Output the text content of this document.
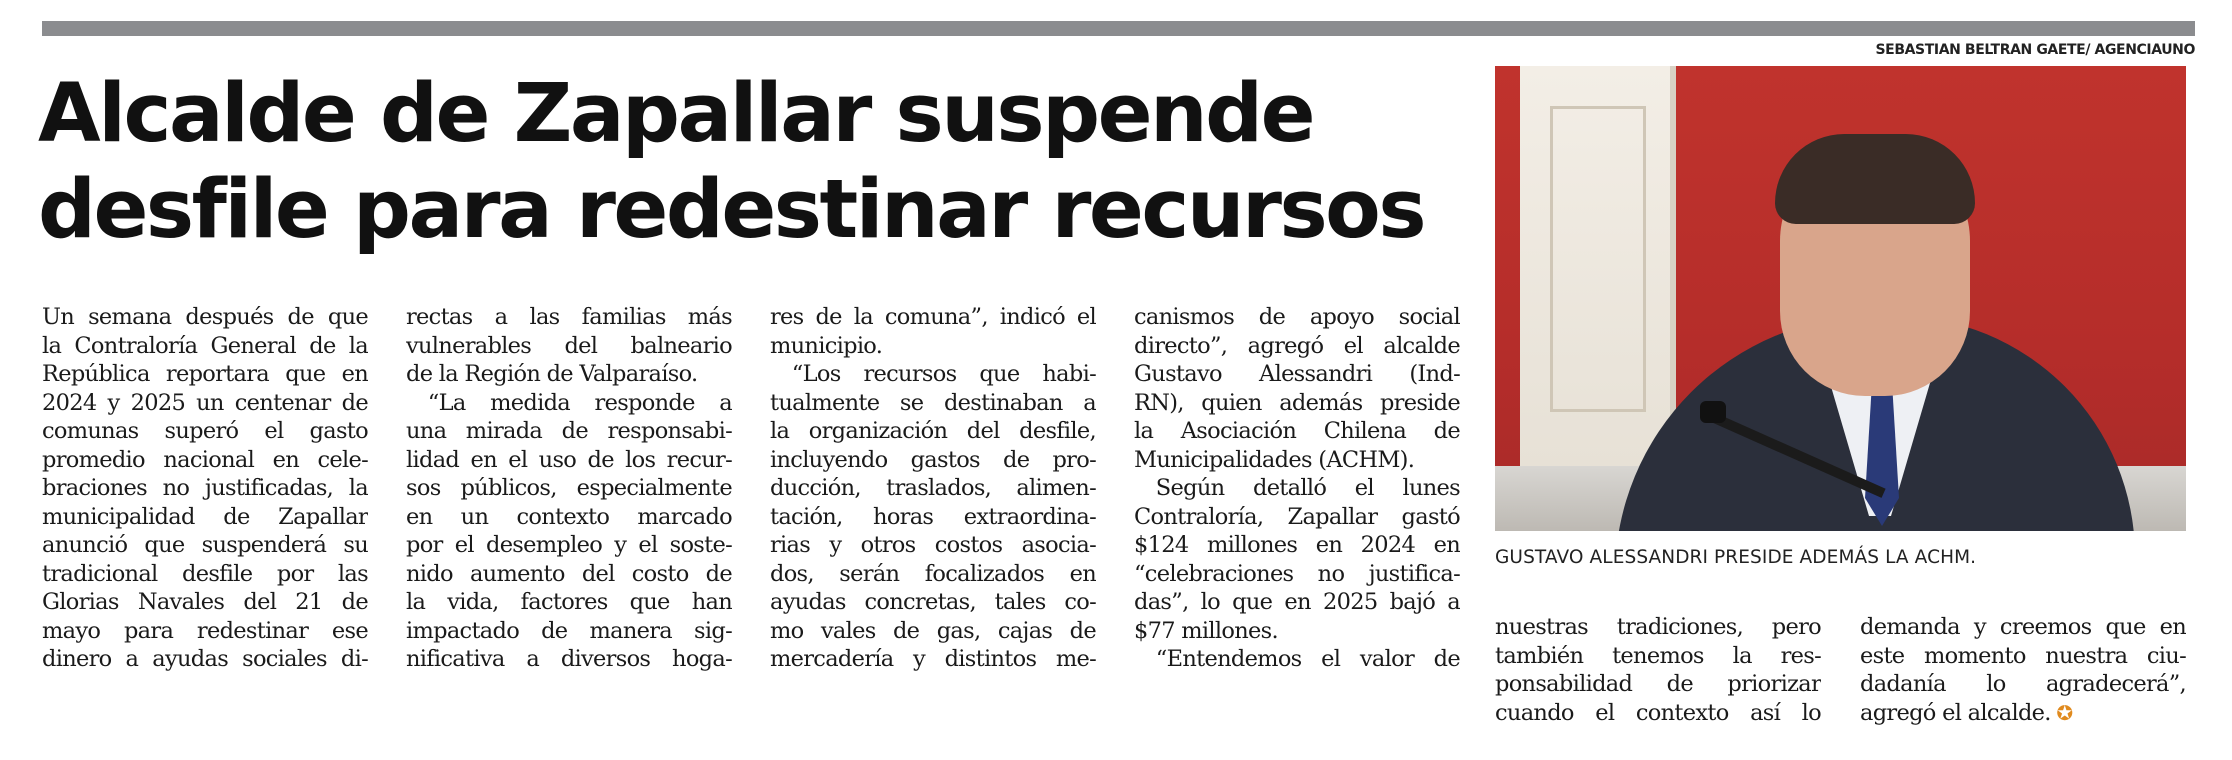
SEBASTIAN BELTRAN GAETE/ AGENCIAUNO
Alcalde de Zapallar suspende
desfile para redestinar recursos
GUSTAVO ALESSANDRI PRESIDE ADEMÁS LA ACHM.
Un semana después de que
la Contraloría General de la
República reportara que en
2024 y 2025 un centenar de
comunas superó el gasto
promedio nacional en cele-
braciones no justificadas, la
municipalidad de Zapallar
anunció que suspenderá su
tradicional desfile por las
Glorias Navales del 21 de
mayo para redestinar ese
dinero a ayudas sociales di-
rectas a las familias más
vulnerables del balneario
de la Región de Valparaíso.
 “La medida responde a
una mirada de responsabi-
lidad en el uso de los recur-
sos públicos, especialmente
en un contexto marcado
por el desempleo y el soste-
nido aumento del costo de
la vida, factores que han
impactado de manera sig-
nificativa a diversos hoga-
res de la comuna”, indicó el
municipio.
 “Los recursos que habi-
tualmente se destinaban a
la organización del desfile,
incluyendo gastos de pro-
ducción, traslados, alimen-
tación, horas extraordina-
rias y otros costos asocia-
dos, serán focalizados en
ayudas concretas, tales co-
mo vales de gas, cajas de
mercadería y distintos me-
canismos de apoyo social
directo”, agregó el alcalde
Gustavo Alessandri (Ind-
RN), quien además preside
la Asociación Chilena de
Municipalidades (ACHM).
 Según detalló el lunes
Contraloría, Zapallar gastó
$124 millones en 2024 en
“celebraciones no justifica-
das”, lo que en 2025 bajó a
$77 millones.
 “Entendemos el valor de
nuestras tradiciones, pero
también tenemos la res-
ponsabilidad de priorizar
cuando el contexto así lo
demanda y creemos que en
este momento nuestra ciu-
dadanía lo agradecerá”,
agregó el alcalde. ✪
